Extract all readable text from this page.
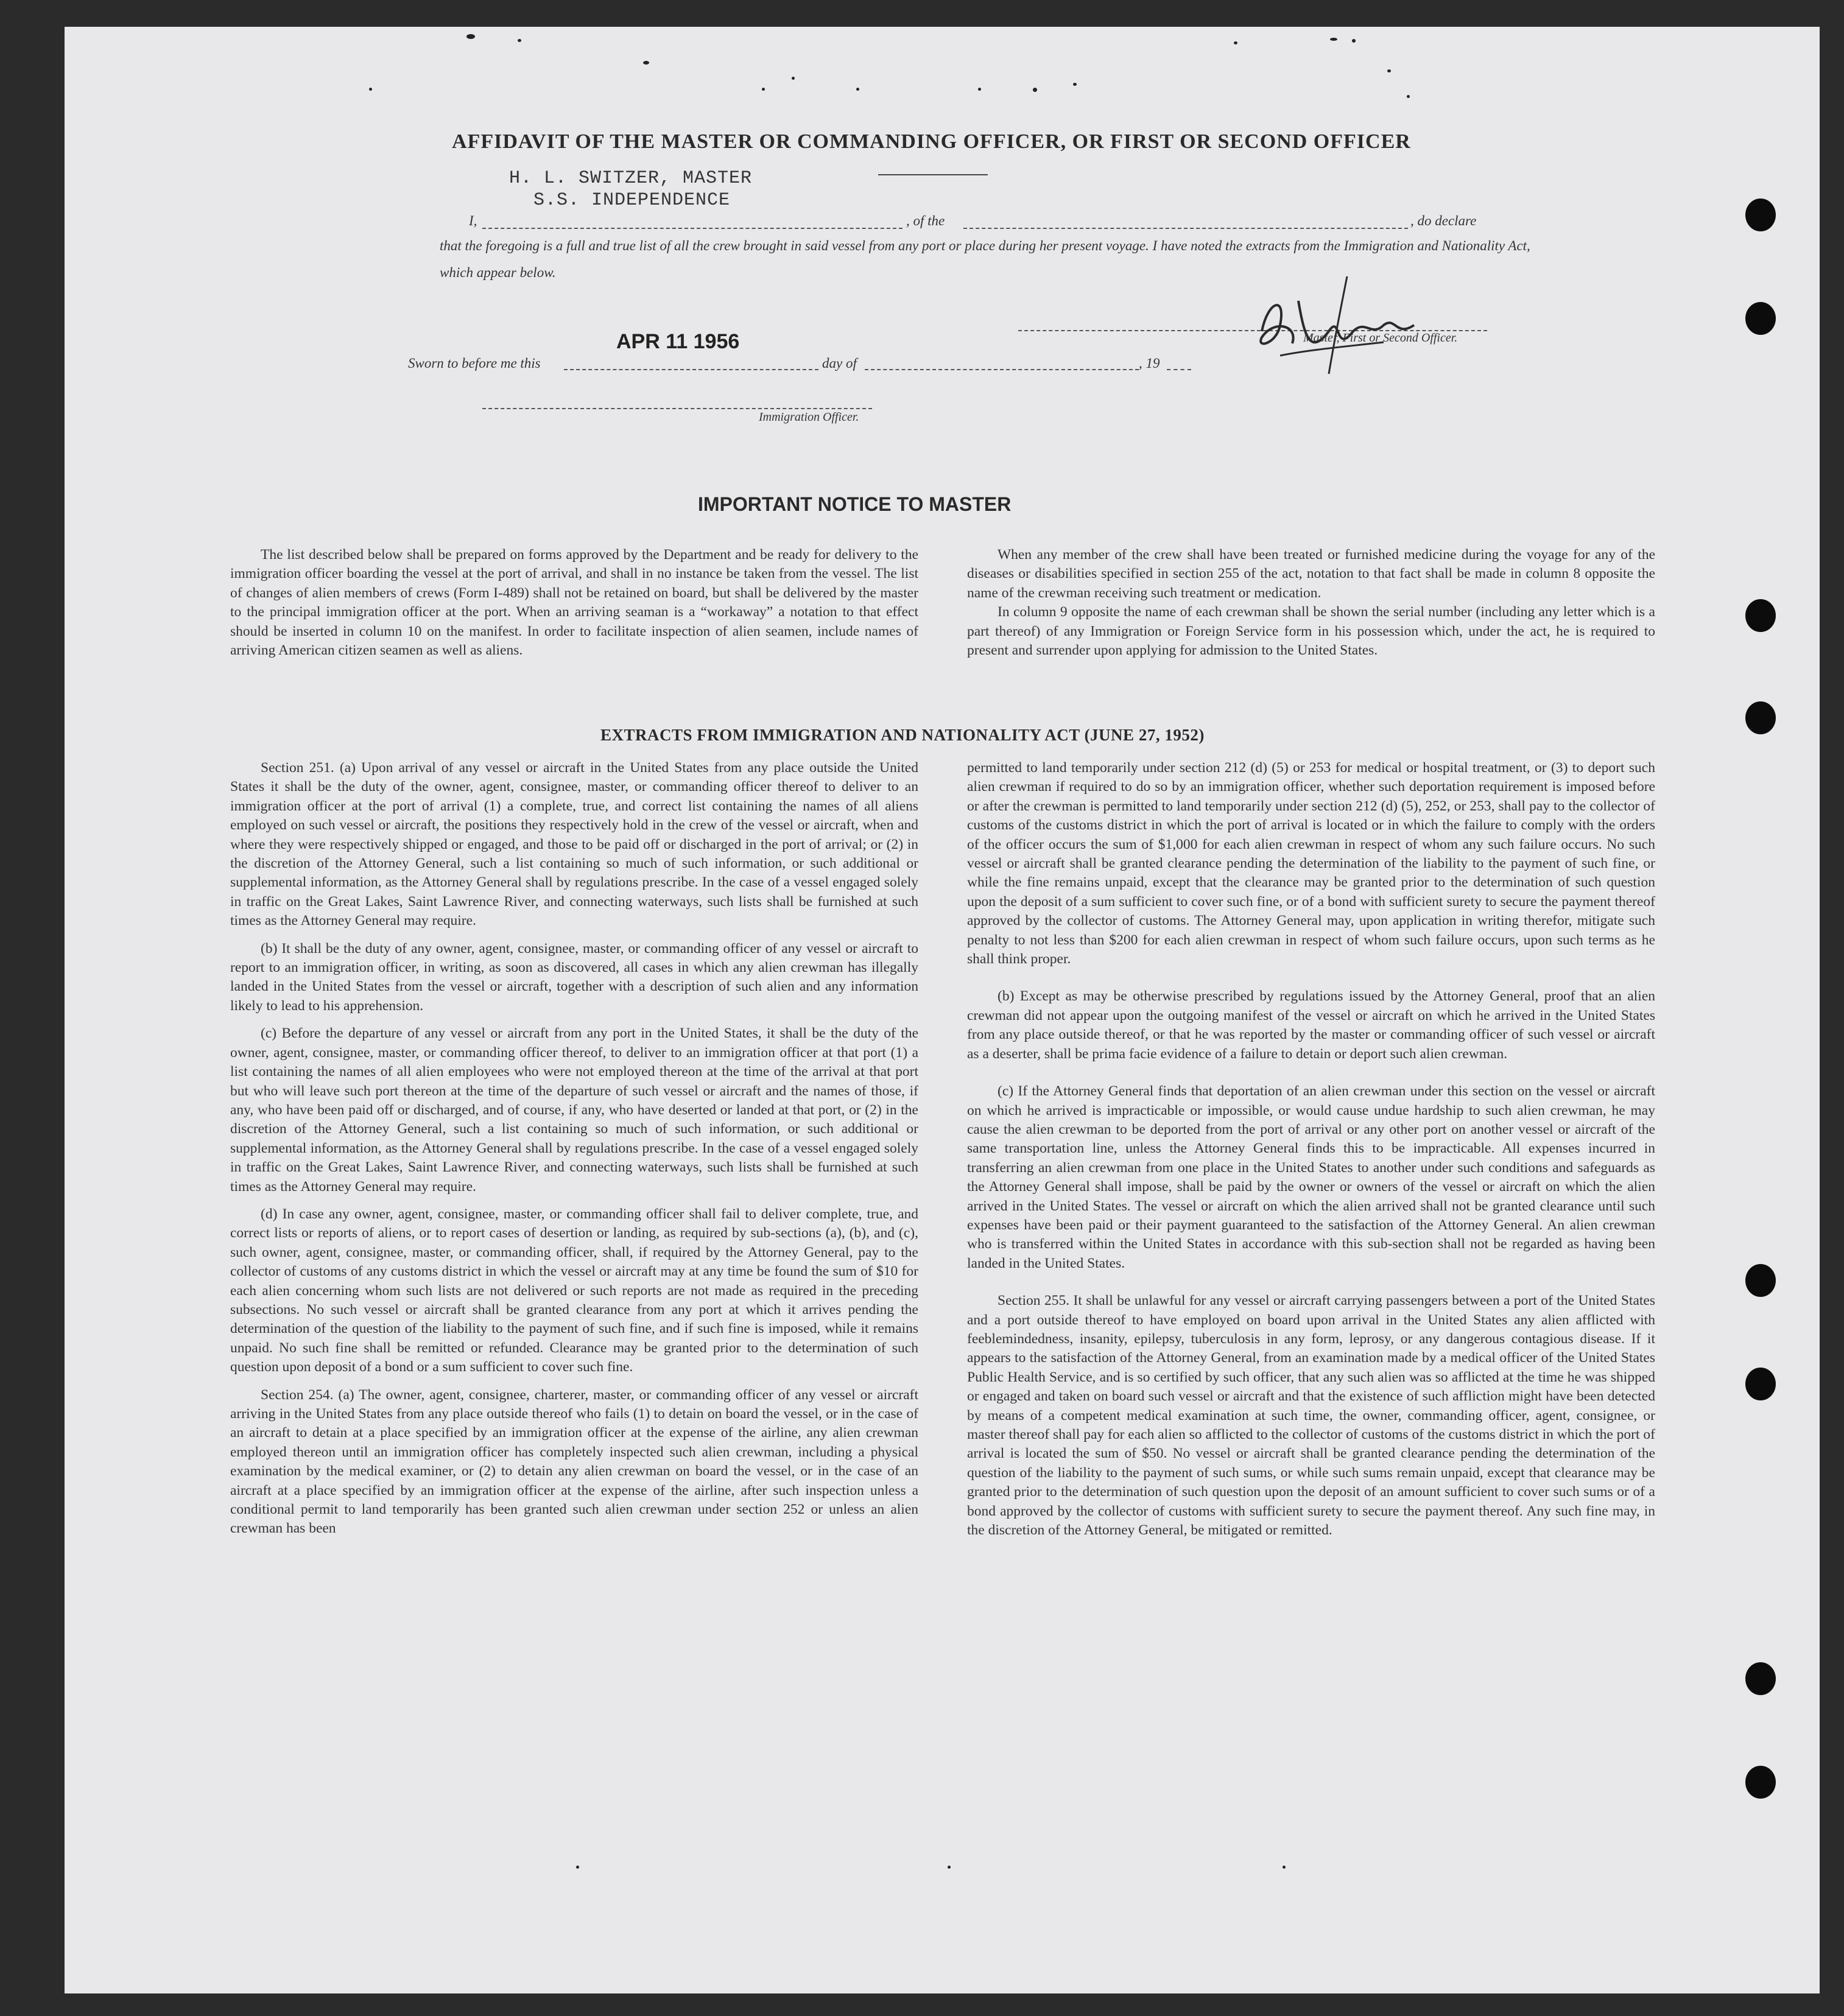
AFFIDAVIT OF THE MASTER OR COMMANDING OFFICER, OR FIRST OR SECOND OFFICER
H. L. SWITZER, MASTER
S.S. INDEPENDENCE
I,	, of the	, do declare
that the foregoing is a full and true list of all the crew brought in said vessel from any port or place during her present voyage. I have noted the extracts from the Immigration and Nationality Act, which appear below.
Master, First or Second Officer.
APR 11 1956
Sworn to before me this	day of	, 19
Immigration Officer.
IMPORTANT NOTICE TO MASTER

The list described below shall be prepared on forms approved by the Department and be ready for delivery to the immigration officer boarding the vessel at the port of arrival, and shall in no instance be taken from the vessel. The list of changes of alien members of crews (Form I-489) shall not be retained on board, but shall be delivered by the master to the principal immigration officer at the port. When an arriving seaman is a “workaway” a notation to that effect should be inserted in column 10 on the manifest. In order to facilitate inspection of alien seamen, include names of arriving American citizen seamen as well as aliens.

When any member of the crew shall have been treated or furnished medicine during the voyage for any of the diseases or disabilities specified in section 255 of the act, notation to that fact shall be made in column 8 opposite the name of the crewman receiving such treatment or medication.

In column 9 opposite the name of each crewman shall be shown the serial number (including any letter which is a part thereof) of any Immigration or Foreign Service form in his possession which, under the act, he is required to present and surrender upon applying for admission to the United States.

EXTRACTS FROM IMMIGRATION AND NATIONALITY ACT (JUNE 27, 1952)

Section 251. (a) Upon arrival of any vessel or aircraft in the United States from any place outside the United States it shall be the duty of the owner, agent, consignee, master, or commanding officer thereof to deliver to an immigration officer at the port of arrival (1) a complete, true, and correct list containing the names of all aliens employed on such vessel or aircraft, the positions they respectively hold in the crew of the vessel or aircraft, when and where they were respectively shipped or engaged, and those to be paid off or discharged in the port of arrival; or (2) in the discretion of the Attorney General, such a list containing so much of such information, or such additional or supplemental information, as the Attorney General shall by regulations prescribe. In the case of a vessel engaged solely in traffic on the Great Lakes, Saint Lawrence River, and connecting waterways, such lists shall be furnished at such times as the Attorney General may require.

(b) It shall be the duty of any owner, agent, consignee, master, or commanding officer of any vessel or aircraft to report to an immigration officer, in writing, as soon as discovered, all cases in which any alien crewman has illegally landed in the United States from the vessel or aircraft, together with a description of such alien and any information likely to lead to his apprehension.

(c) Before the departure of any vessel or aircraft from any port in the United States, it shall be the duty of the owner, agent, consignee, master, or commanding officer thereof, to deliver to an immigration officer at that port (1) a list containing the names of all alien employees who were not employed thereon at the time of the arrival at that port but who will leave such port thereon at the time of the departure of such vessel or aircraft and the names of those, if any, who have been paid off or discharged, and of course, if any, who have deserted or landed at that port, or (2) in the discretion of the Attorney General, such a list containing so much of such information, or such additional or supplemental information, as the Attorney General shall by regulations prescribe. In the case of a vessel engaged solely in traffic on the Great Lakes, Saint Lawrence River, and connecting waterways, such lists shall be furnished at such times as the Attorney General may require.

(d) In case any owner, agent, consignee, master, or commanding officer shall fail to deliver complete, true, and correct lists or reports of aliens, or to report cases of desertion or landing, as required by sub-sections (a), (b), and (c), such owner, agent, consignee, master, or commanding officer, shall, if required by the Attorney General, pay to the collector of customs of any customs district in which the vessel or aircraft may at any time be found the sum of $10 for each alien concerning whom such lists are not delivered or such reports are not made as required in the preceding subsections. No such vessel or aircraft shall be granted clearance from any port at which it arrives pending the determination of the question of the liability to the payment of such fine, and if such fine is imposed, while it remains unpaid. No such fine shall be remitted or refunded. Clearance may be granted prior to the determination of such question upon deposit of a bond or a sum sufficient to cover such fine.

Section 254. (a) The owner, agent, consignee, charterer, master, or commanding officer of any vessel or aircraft arriving in the United States from any place outside thereof who fails (1) to detain on board the vessel, or in the case of an aircraft to detain at a place specified by an immigration officer at the expense of the airline, any alien crewman employed thereon until an immigration officer has completely inspected such alien crewman, including a physical examination by the medical examiner, or (2) to detain any alien crewman on board the vessel, or in the case of an aircraft at a place specified by an immigration officer at the expense of the airline, after such inspection unless a conditional permit to land temporarily has been granted such alien crewman under section 252 or unless an alien crewman has been

permitted to land temporarily under section 212 (d) (5) or 253 for medical or hospital treatment, or (3) to deport such alien crewman if required to do so by an immigration officer, whether such deportation requirement is imposed before or after the crewman is permitted to land temporarily under section 212 (d) (5), 252, or 253, shall pay to the collector of customs of the customs district in which the port of arrival is located or in which the failure to comply with the orders of the officer occurs the sum of $1,000 for each alien crewman in respect of whom any such failure occurs. No such vessel or aircraft shall be granted clearance pending the determination of the liability to the payment of such fine, or while the fine remains unpaid, except that the clearance may be granted prior to the determination of such question upon the deposit of a sum sufficient to cover such fine, or of a bond with sufficient surety to secure the payment thereof approved by the collector of customs. The Attorney General may, upon application in writing therefor, mitigate such penalty to not less than $200 for each alien crewman in respect of whom such failure occurs, upon such terms as he shall think proper.

(b) Except as may be otherwise prescribed by regulations issued by the Attorney General, proof that an alien crewman did not appear upon the outgoing manifest of the vessel or aircraft on which he arrived in the United States from any place outside thereof, or that he was reported by the master or commanding officer of such vessel or aircraft as a deserter, shall be prima facie evidence of a failure to detain or deport such alien crewman.

(c) If the Attorney General finds that deportation of an alien crewman under this section on the vessel or aircraft on which he arrived is impracticable or impossible, or would cause undue hardship to such alien crewman, he may cause the alien crewman to be deported from the port of arrival or any other port on another vessel or aircraft of the same transportation line, unless the Attorney General finds this to be impracticable. All expenses incurred in transferring an alien crewman from one place in the United States to another under such conditions and safeguards as the Attorney General shall impose, shall be paid by the owner or owners of the vessel or aircraft on which the alien arrived in the United States. The vessel or aircraft on which the alien arrived shall not be granted clearance until such expenses have been paid or their payment guaranteed to the satisfaction of the Attorney General. An alien crewman who is transferred within the United States in accordance with this sub-section shall not be regarded as having been landed in the United States.

Section 255. It shall be unlawful for any vessel or aircraft carrying passengers between a port of the United States and a port outside thereof to have employed on board upon arrival in the United States any alien afflicted with feeblemindedness, insanity, epilepsy, tuberculosis in any form, leprosy, or any dangerous contagious disease. If it appears to the satisfaction of the Attorney General, from an examination made by a medical officer of the United States Public Health Service, and is so certified by such officer, that any such alien was so afflicted at the time he was shipped or engaged and taken on board such vessel or aircraft and that the existence of such affliction might have been detected by means of a competent medical examination at such time, the owner, commanding officer, agent, consignee, or master thereof shall pay for each alien so afflicted to the collector of customs of the customs district in which the port of arrival is located the sum of $50. No vessel or aircraft shall be granted clearance pending the determination of the question of the liability to the payment of such sums, or while such sums remain unpaid, except that clearance may be granted prior to the determination of such question upon the deposit of an amount sufficient to cover such sums or of a bond approved by the collector of customs with sufficient surety to secure the payment thereof. Any such fine may, in the discretion of the Attorney General, be mitigated or remitted.
